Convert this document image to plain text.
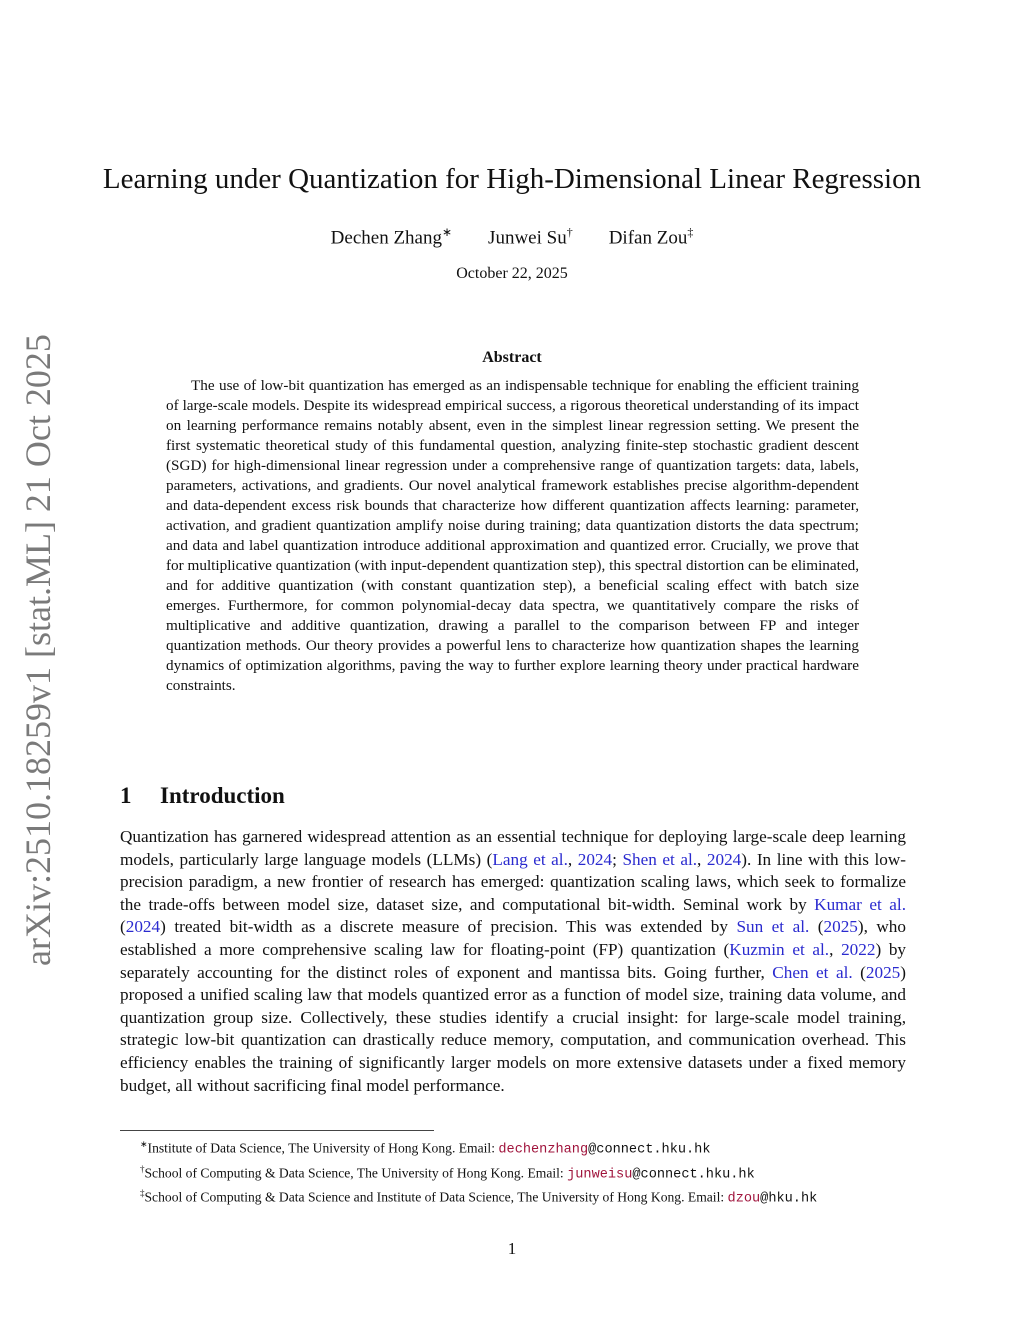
arXiv:2510.18259v1 [stat.ML] 21 Oct 2025
Learning under Quantization for High-Dimensional Linear Regression
Dechen Zhang∗ Junwei Su† Difan Zou‡
October 22, 2025
Abstract

The use of low-bit quantization has emerged as an indispensable technique for enabling the efficient training of large-scale models. Despite its widespread empirical success, a rigorous theoretical understanding of its impact on learning performance remains notably absent, even in the simplest linear regression setting. We present the first systematic theoretical study of this fundamental question, analyzing finite-step stochastic gradient descent (SGD) for high-dimensional linear regression under a comprehensive range of quantization targets: data, labels, parameters, activations, and gradients. Our novel analytical framework establishes precise algorithm-dependent and data-dependent excess risk bounds that characterize how different quantization affects learning: parameter, activation, and gradient quantization amplify noise during training; data quantization distorts the data spectrum; and data and label quantization introduce additional approximation and quantized error. Crucially, we prove that for multiplicative quantization (with input-dependent quantization step), this spectral distortion can be eliminated, and for additive quantization (with constant quantization step), a beneficial scaling effect with batch size emerges. Furthermore, for common polynomial-decay data spectra, we quantitatively compare the risks of multiplicative and additive quantization, drawing a parallel to the comparison between FP and integer quantization methods. Our theory provides a powerful lens to characterize how quantization shapes the learning dynamics of optimization algorithms, paving the way to further explore learning theory under practical hardware constraints.

1 Introduction

Quantization has garnered widespread attention as an essential technique for deploying large-scale deep learning models, particularly large language models (LLMs) (Lang et al., 2024; Shen et al., 2024). In line with this low-precision paradigm, a new frontier of research has emerged: quantization scaling laws, which seek to formalize the trade-offs between model size, dataset size, and computational bit-width. Seminal work by Kumar et al. (2024) treated bit-width as a discrete measure of precision. This was extended by Sun et al. (2025), who established a more comprehensive scaling law for floating-point (FP) quantization (Kuzmin et al., 2022) by separately accounting for the distinct roles of exponent and mantissa bits. Going further, Chen et al. (2025) proposed a unified scaling law that models quantized error as a function of model size, training data volume, and quantization group size. Collectively, these studies identify a crucial insight: for large-scale model training, strategic low-bit quantization can drastically reduce memory, computation, and communication overhead. This efficiency enables the training of significantly larger models on more extensive datasets under a fixed memory budget, all without sacrificing final model performance.

∗Institute of Data Science, The University of Hong Kong. Email: dechenzhang@connect.hku.hk

†School of Computing & Data Science, The University of Hong Kong. Email: junweisu@connect.hku.hk

‡School of Computing & Data Science and Institute of Data Science, The University of Hong Kong. Email: dzou@hku.hk

1
